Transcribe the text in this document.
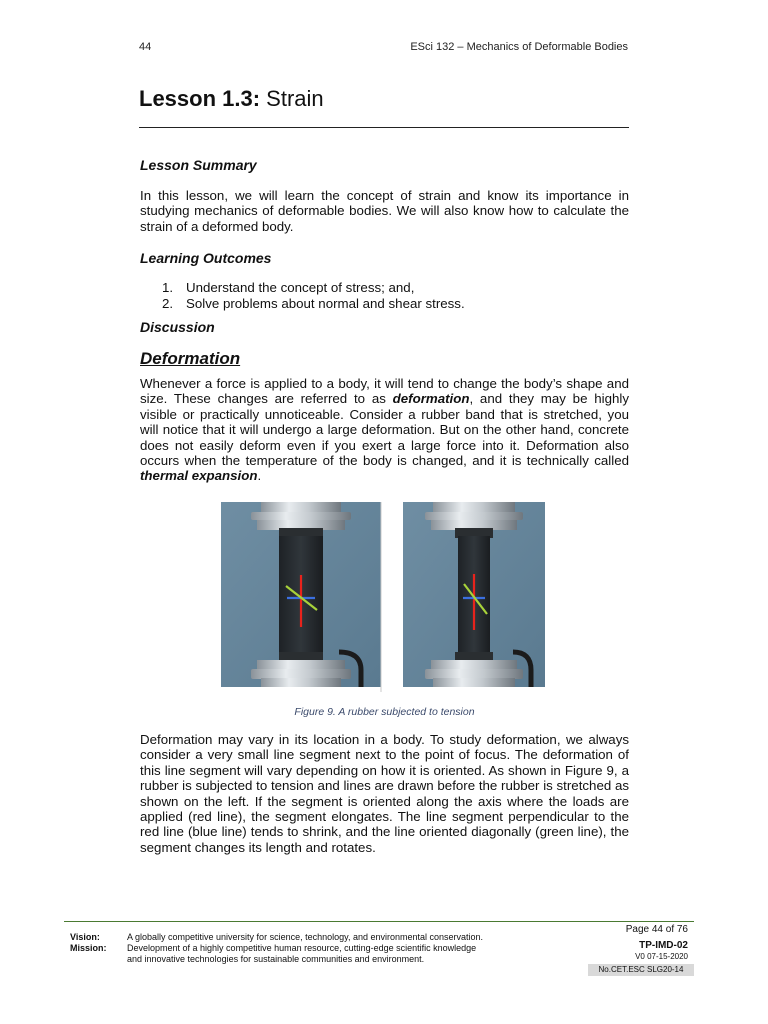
44	ESci 132 – Mechanics of Deformable Bodies
Lesson 1.3: Strain
Lesson Summary
In this lesson, we will learn the concept of strain and know its importance in studying mechanics of deformable bodies. We will also know how to calculate the strain of a deformed body.
Learning Outcomes
1. Understand the concept of stress; and,
2. Solve problems about normal and shear stress.
Discussion
Deformation
Whenever a force is applied to a body, it will tend to change the body’s shape and size. These changes are referred to as deformation, and they may be highly visible or practically unnoticeable. Consider a rubber band that is stretched, you will notice that it will undergo a large deformation. But on the other hand, concrete does not easily deform even if you exert a large force into it. Deformation also occurs when the temperature of the body is changed, and it is technically called thermal expansion.
Figure 9. A rubber subjected to tension
Deformation may vary in its location in a body. To study deformation, we always consider a very small line segment next to the point of focus. The deformation of this line segment will vary depending on how it is oriented. As shown in Figure 9, a rubber is subjected to tension and lines are drawn before the rubber is stretched as shown on the left. If the segment is oriented along the axis where the loads are applied (red line), the segment elongates. The line segment perpendicular to the red line (blue line) tends to shrink, and the line oriented diagonally (green line), the segment changes its length and rotates.
Vision:	A globally competitive university for science, technology, and environmental conservation.
Mission: Development of a highly competitive human resource, cutting-edge scientific knowledge
and innovative technologies for sustainable communities and environment.
Page 44 of 76
TP-IMD-02
V0 07-15-2020
No.CET.ESC SLG20-14
